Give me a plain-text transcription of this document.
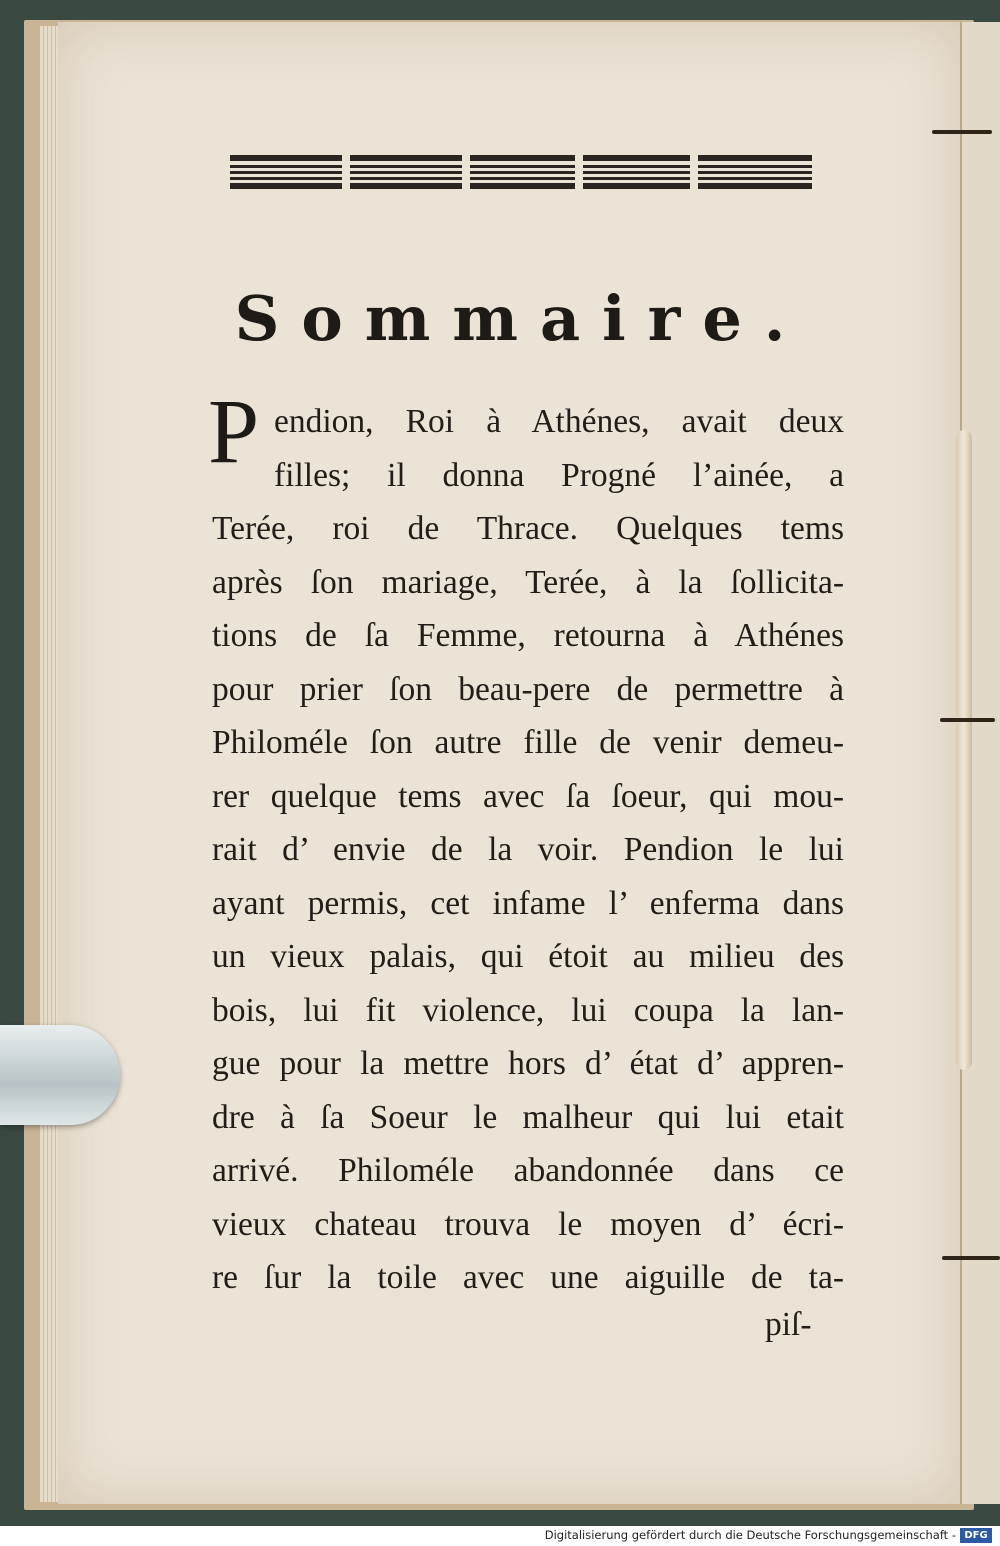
Sommaire.
P endion, Roi à Athénes, avait deux
filles; il donna Progné l’ainée, a
Terée, roi de Thrace. Quelques tems
après ſon mariage, Terée, à la ſollicita-
tions de ſa Femme, retourna à Athénes
pour prier ſon beau-pere de permettre à
Philoméle ſon autre fille de venir demeu-
rer quelque tems avec ſa ſoeur, qui mou-
rait d’ envie de la voir. Pendion le lui
ayant permis, cet infame l’ enferma dans
un vieux palais, qui étoit au milieu des
bois, lui fit violence, lui coupa la lan-
gue pour la mettre hors d’ état d’ appren-
dre à ſa Soeur le malheur qui lui etait
arrivé. Philoméle abandonnée dans ce
vieux chateau trouva le moyen d’ écri-
re ſur la toile avec une aiguille de ta-
piſ-
Digitalisierung gefördert durch die Deutsche Forschungsgemeinschaft - DFG
